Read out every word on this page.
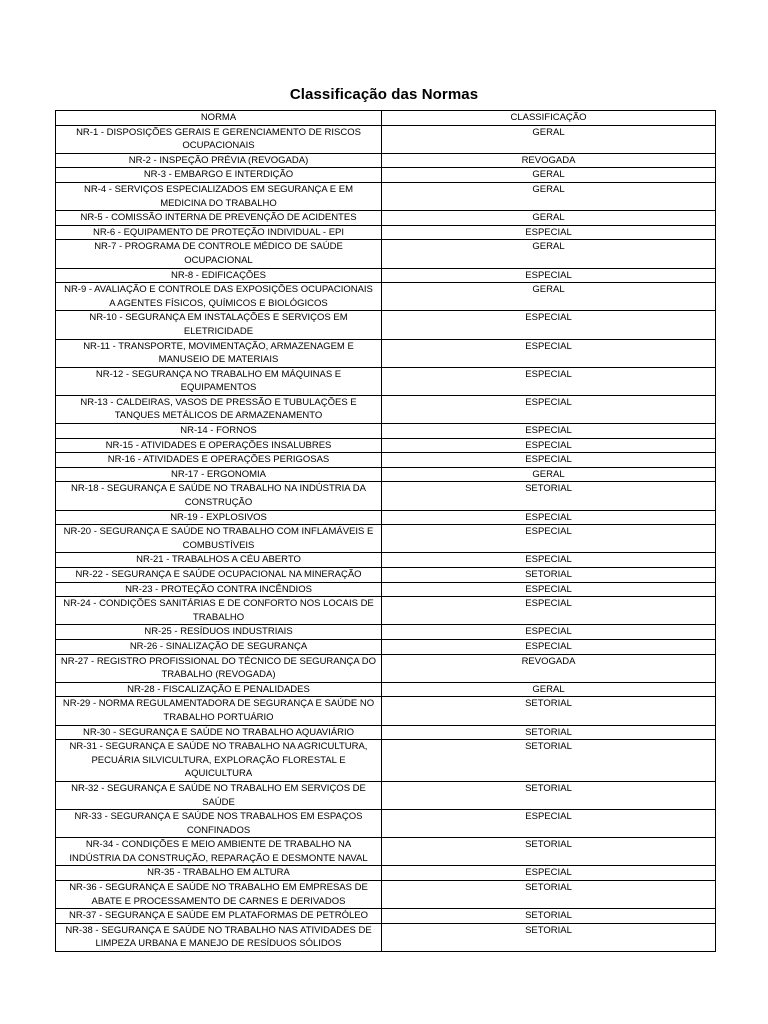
Classificação das Normas
NORMA	CLASSIFICAÇÃO
NR-1 - DISPOSIÇÕES GERAIS E GERENCIAMENTO DE RISCOS OCUPACIONAIS	GERAL
NR-2 - INSPEÇÃO PRÉVIA (REVOGADA)	REVOGADA
NR-3 - EMBARGO E INTERDIÇÃO	GERAL
NR-4 - SERVIÇOS ESPECIALIZADOS EM SEGURANÇA E EM MEDICINA DO TRABALHO	GERAL
NR-5 - COMISSÃO INTERNA DE PREVENÇÃO DE ACIDENTES	GERAL
NR-6 - EQUIPAMENTO DE PROTEÇÃO INDIVIDUAL - EPI	ESPECIAL
NR-7 - PROGRAMA DE CONTROLE MÉDICO DE SAÚDE OCUPACIONAL	GERAL
NR-8 - EDIFICAÇÕES	ESPECIAL
NR-9 - AVALIAÇÃO E CONTROLE DAS EXPOSIÇÕES OCUPACIONAIS A AGENTES FÍSICOS, QUÍMICOS E BIOLÓGICOS	GERAL
NR-10 - SEGURANÇA EM INSTALAÇÕES E SERVIÇOS EM ELETRICIDADE	ESPECIAL
NR-11 - TRANSPORTE, MOVIMENTAÇÃO, ARMAZENAGEM E MANUSEIO DE MATERIAIS	ESPECIAL
NR-12 - SEGURANÇA NO TRABALHO EM MÁQUINAS E EQUIPAMENTOS	ESPECIAL
NR-13 - CALDEIRAS, VASOS DE PRESSÃO E TUBULAÇÕES E TANQUES METÁLICOS DE ARMAZENAMENTO	ESPECIAL
NR-14 - FORNOS	ESPECIAL
NR-15 - ATIVIDADES E OPERAÇÕES INSALUBRES	ESPECIAL
NR-16 - ATIVIDADES E OPERAÇÕES PERIGOSAS	ESPECIAL
NR-17 - ERGONOMIA	GERAL
NR-18 - SEGURANÇA E SAÚDE NO TRABALHO NA INDÚSTRIA DA CONSTRUÇÃO	SETORIAL
NR-19 - EXPLOSIVOS	ESPECIAL
NR-20 - SEGURANÇA E SAÚDE NO TRABALHO COM INFLAMÁVEIS E COMBUSTÍVEIS	ESPECIAL
NR-21 - TRABALHOS A CÉU ABERTO	ESPECIAL
NR-22 - SEGURANÇA E SAÚDE OCUPACIONAL NA MINERAÇÃO	SETORIAL
NR-23 - PROTEÇÃO CONTRA INCÊNDIOS	ESPECIAL
NR-24 - CONDIÇÕES SANITÁRIAS E DE CONFORTO NOS LOCAIS DE TRABALHO	ESPECIAL
NR-25 - RESÍDUOS INDUSTRIAIS	ESPECIAL
NR-26 - SINALIZAÇÃO DE SEGURANÇA	ESPECIAL
NR-27 - REGISTRO PROFISSIONAL DO TÉCNICO DE SEGURANÇA DO TRABALHO (REVOGADA)	REVOGADA
NR-28 - FISCALIZAÇÃO E PENALIDADES	GERAL
NR-29 - NORMA REGULAMENTADORA DE SEGURANÇA E SAÚDE NO TRABALHO PORTUÁRIO	SETORIAL
NR-30 - SEGURANÇA E SAÚDE NO TRABALHO AQUAVIÁRIO	SETORIAL
NR-31 - SEGURANÇA E SAÚDE NO TRABALHO NA AGRICULTURA, PECUÁRIA SILVICULTURA, EXPLORAÇÃO FLORESTAL E AQUICULTURA	SETORIAL
NR-32 - SEGURANÇA E SAÚDE NO TRABALHO EM SERVIÇOS DE SAÚDE	SETORIAL
NR-33 - SEGURANÇA E SAÚDE NOS TRABALHOS EM ESPAÇOS CONFINADOS	ESPECIAL
NR-34 - CONDIÇÕES E MEIO AMBIENTE DE TRABALHO NA INDÚSTRIA DA CONSTRUÇÃO, REPARAÇÃO E DESMONTE NAVAL	SETORIAL
NR-35 - TRABALHO EM ALTURA	ESPECIAL
NR-36 - SEGURANÇA E SAÚDE NO TRABALHO EM EMPRESAS DE ABATE E PROCESSAMENTO DE CARNES E DERIVADOS	SETORIAL
NR-37 - SEGURANÇA E SAÚDE EM PLATAFORMAS DE PETRÓLEO	SETORIAL
NR-38 - SEGURANÇA E SAÚDE NO TRABALHO NAS ATIVIDADES DE LIMPEZA URBANA E MANEJO DE RESÍDUOS SÓLIDOS	SETORIAL
